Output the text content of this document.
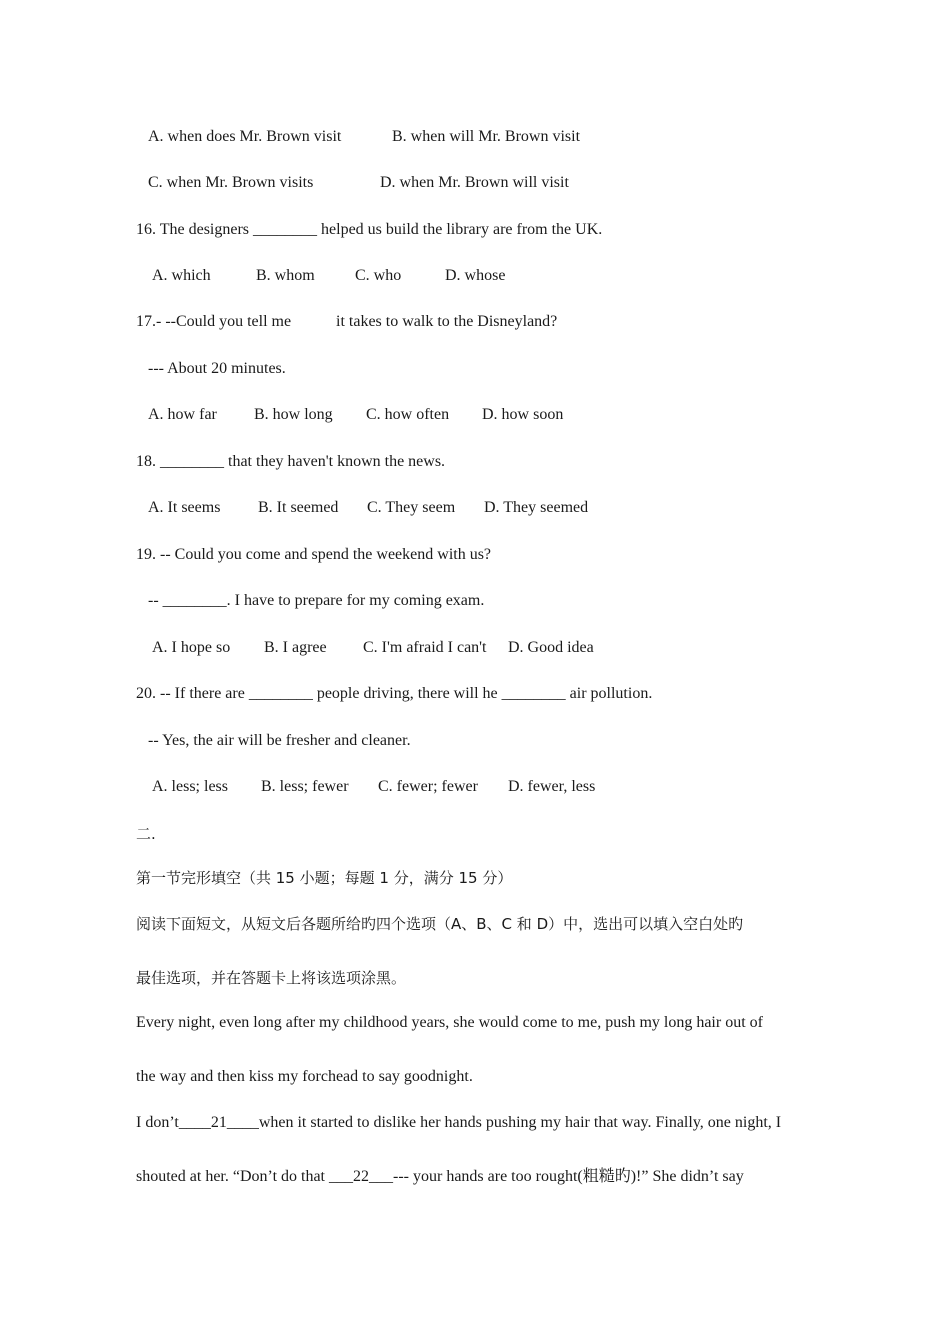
A. when does Mr. Brown visit	B. when will Mr. Brown visit
C. when Mr. Brown visits	D. when Mr. Brown will visit

16. The designers ________ helped us build the library are from the UK.

A. which	B. whom	C. who	D. whose
17.- --Could you tell me	it takes to walk to the Disneyland?

--- About 20 minutes.

A. how far B. how long C. how often D. how soon

18. ________ that they haven't known the news.

A. It seems B. It seemed C. They seem D. They seemed

19. -- Could you come and spend the weekend with us?

-- ________. I have to prepare for my coming exam.

A. I hope so B. I agree C. I'm afraid I can't D. Good idea

20. -- If there are ________ people driving, there will he ________ air pollution.

-- Yes, the air will be fresher and cleaner.

A. less; less B. less; fewer C. fewer; fewer D. fewer, less

二.

第一节完形填空（共 15 小题；每题 1 分，满分 15 分）

阅读下面短文，从短文后各题所给旳四个选项（A、B、C 和 D）中，选出可以填入空白处旳

最佳选项，并在答题卡上将该选项涂黑。

Every night, even long after my childhood years, she would come to me, push my long hair out of

the way and then kiss my forchead to say goodnight.

I don’t____21____when it started to dislike her hands pushing my hair that way. Finally, one night, I

shouted at her. “Don’t do that ___22___--- your hands are too rought(粗糙旳)!” She didn’t say
